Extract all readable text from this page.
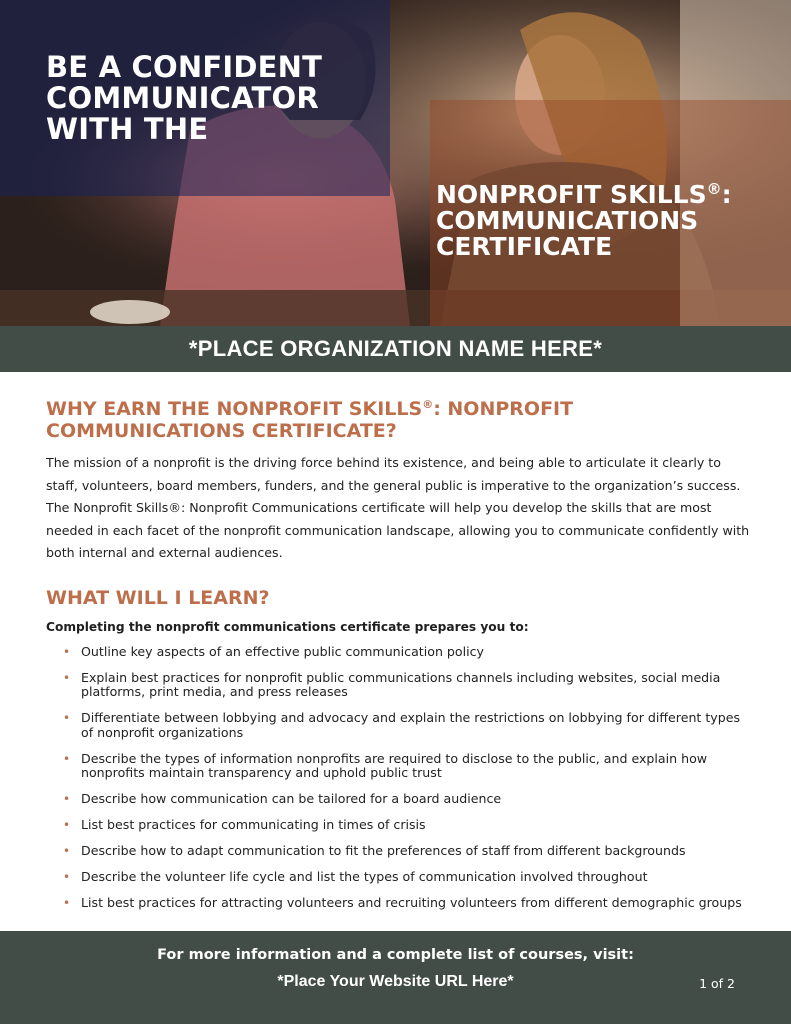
BE A CONFIDENT COMMUNICATOR WITH THE
NONPROFIT SKILLS®: COMMUNICATIONS CERTIFICATE
*PLACE ORGANIZATION NAME HERE*
WHY EARN THE NONPROFIT SKILLS®: NONPROFIT COMMUNICATIONS CERTIFICATE?

The mission of a nonprofit is the driving force behind its existence, and being able to articulate it clearly to staff, volunteers, board members, funders, and the general public is imperative to the organization’s success. The Nonprofit Skills®: Nonprofit Communications certificate will help you develop the skills that are most needed in each facet of the nonprofit communication landscape, allowing you to communicate confidently with both internal and external audiences.

WHAT WILL I LEARN?

Completing the nonprofit communications certificate prepares you to:

• Outline key aspects of an effective public communication policy
• Explain best practices for nonprofit public communications channels including websites, social media platforms, print media, and press releases
• Differentiate between lobbying and advocacy and explain the restrictions on lobbying for different types of nonprofit organizations
• Describe the types of information nonprofits are required to disclose to the public, and explain how nonprofits maintain transparency and uphold public trust
• Describe how communication can be tailored for a board audience
• List best practices for communicating in times of crisis
• Describe how to adapt communication to fit the preferences of staff from different backgrounds
• Describe the volunteer life cycle and list the types of communication involved throughout
• List best practices for attracting volunteers and recruiting volunteers from different demographic groups
For more information and a complete list of courses, visit:
*Place Your Website URL Here*	1 of 2
